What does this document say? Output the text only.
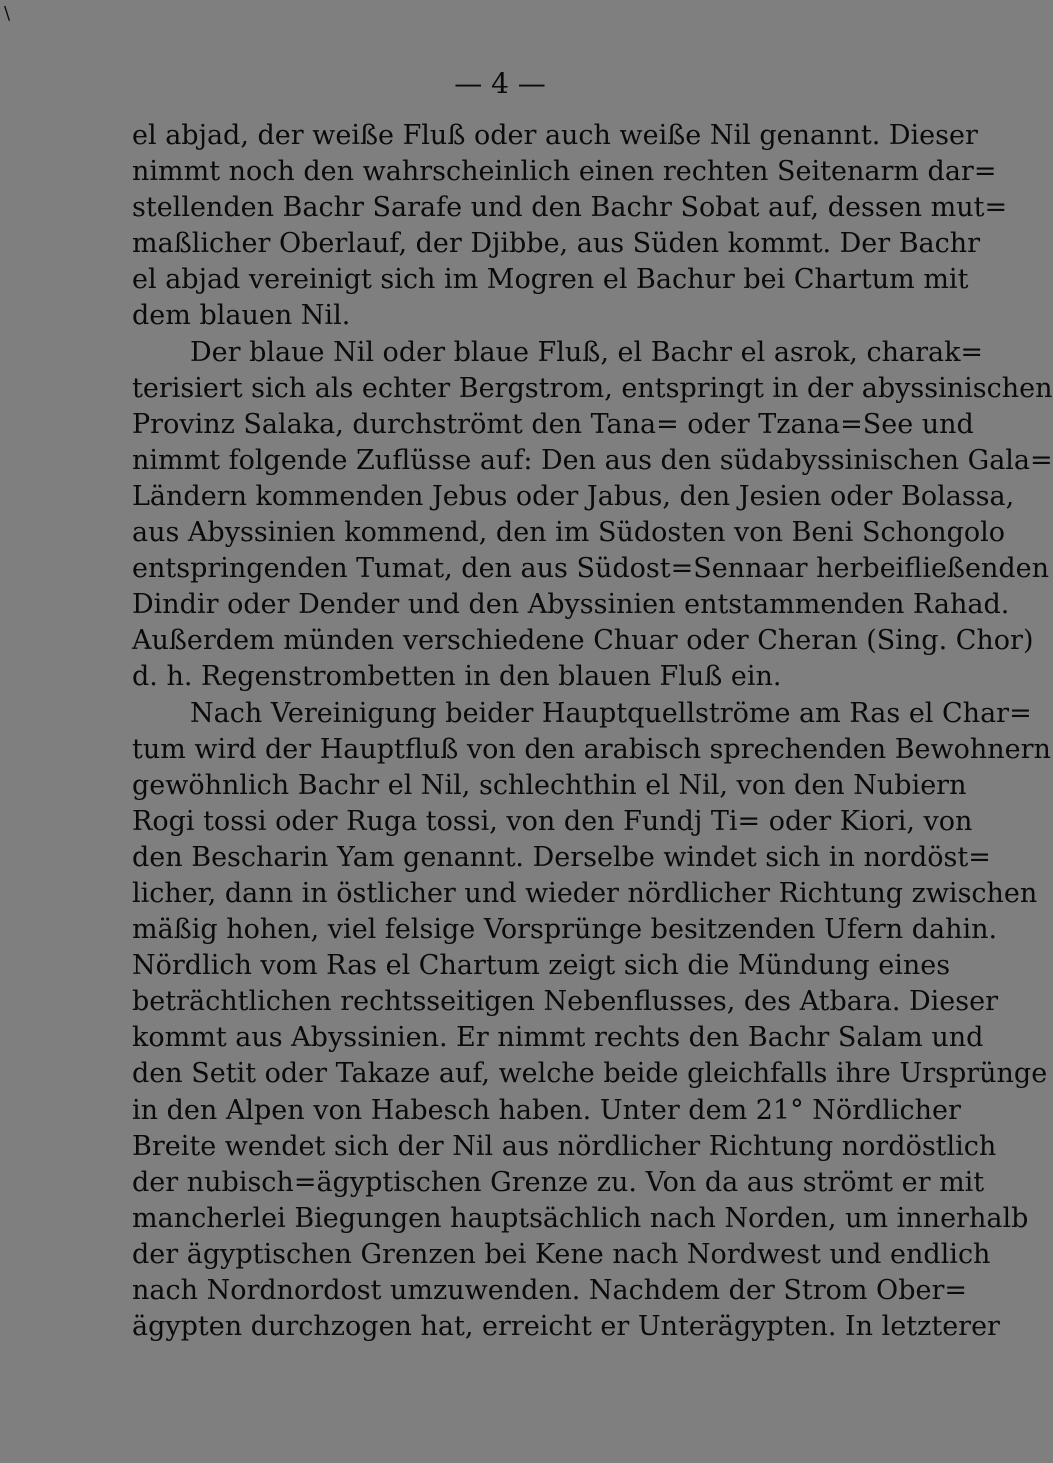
\
— 4 —
el abjad, der weiße Fluß oder auch weiße Nil genannt. Dieser
nimmt noch den wahrscheinlich einen rechten Seitenarm dar=
stellenden Bachr Sarafe und den Bachr Sobat auf, dessen mut=
maßlicher Oberlauf, der Djibbe, aus Süden kommt. Der Bachr
el abjad vereinigt sich im Mogren el Bachur bei Chartum mit
dem blauen Nil.
Der blaue Nil oder blaue Fluß, el Bachr el asrok, charak=
terisiert sich als echter Bergstrom, entspringt in der abyssinischen
Provinz Salaka, durchströmt den Tana= oder Tzana=See und
nimmt folgende Zuflüsse auf: Den aus den südabyssinischen Gala=
Ländern kommenden Jebus oder Jabus, den Jesien oder Bolassa,
aus Abyssinien kommend, den im Südosten von Beni Schongolo
entspringenden Tumat, den aus Südost=Sennaar herbeifließenden
Dindir oder Dender und den Abyssinien entstammenden Rahad.
Außerdem münden verschiedene Chuar oder Cheran (Sing. Chor)
d. h. Regenstrombetten in den blauen Fluß ein.
Nach Vereinigung beider Hauptquellströme am Ras el Char=
tum wird der Hauptfluß von den arabisch sprechenden Bewohnern
gewöhnlich Bachr el Nil, schlechthin el Nil, von den Nubiern
Rogi tossi oder Ruga tossi, von den Fundj Ti= oder Kiori, von
den Bescharin Yam genannt. Derselbe windet sich in nordöst=
licher, dann in östlicher und wieder nördlicher Richtung zwischen
mäßig hohen, viel felsige Vorsprünge besitzenden Ufern dahin.
Nördlich vom Ras el Chartum zeigt sich die Mündung eines
beträchtlichen rechtsseitigen Nebenflusses, des Atbara. Dieser
kommt aus Abyssinien. Er nimmt rechts den Bachr Salam und
den Setit oder Takaze auf, welche beide gleichfalls ihre Ursprünge
in den Alpen von Habesch haben. Unter dem 21° Nördlicher
Breite wendet sich der Nil aus nördlicher Richtung nordöstlich
der nubisch=ägyptischen Grenze zu. Von da aus strömt er mit
mancherlei Biegungen hauptsächlich nach Norden, um innerhalb
der ägyptischen Grenzen bei Kene nach Nordwest und endlich
nach Nordnordost umzuwenden. Nachdem der Strom Ober=
ägypten durchzogen hat, erreicht er Unterägypten. In letzterer
